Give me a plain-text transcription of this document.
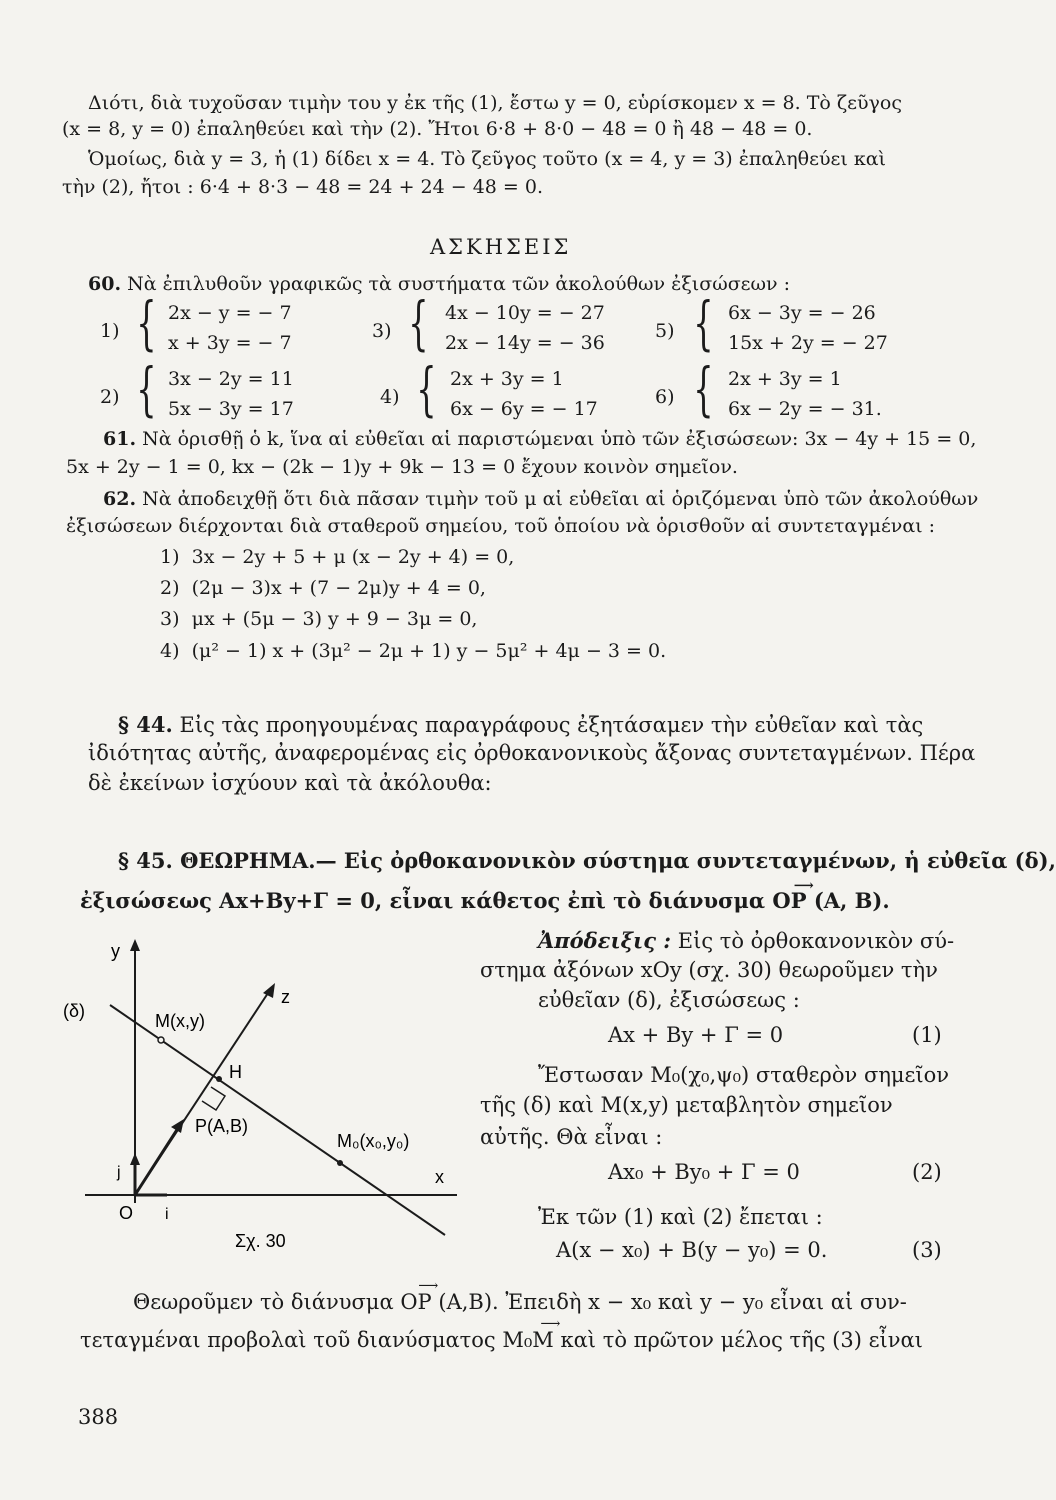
Διότι, διὰ τυχοῦσαν τιμὴν του y ἐκ τῆς (1), ἔστω y = 0, εὑρίσκομεν x = 8. Τὸ ζεῦγος
(x = 8, y = 0) ἐπαληθεύει καὶ τὴν (2). Ἤτοι 6·8 + 8·0 − 48 = 0 ἢ 48 − 48 = 0.
Ὁμοίως, διὰ y = 3, ἡ (1) δίδει x = 4. Τὸ ζεῦγος τοῦτο (x = 4, y = 3) ἐπαληθεύει καὶ
τὴν (2), ἤτοι : 6·4 + 8·3 − 48 = 24 + 24 − 48 = 0.
ΑΣΚΗΣΕΙΣ
60. Νὰ ἐπιλυθοῦν γραφικῶς τὰ συστήματα τῶν ἀκολούθων ἐξισώσεων :
1) { 2x − y = − 7
x + 3y = − 7
3) { 4x − 10y = − 27
2x − 14y = − 36
5) { 6x − 3y = − 26
15x + 2y = − 27
2) { 3x − 2y = 11
5x − 3y = 17
4) { 2x + 3y = 1
6x − 6y = − 17
6) { 2x + 3y = 1
6x − 2y = − 31.
61. Νὰ ὁρισθῇ ὁ k, ἵνα αἱ εὐθεῖαι αἱ παριστώμεναι ὑπὸ τῶν ἐξισώσεων: 3x − 4y + 15 = 0,
5x + 2y − 1 = 0, kx − (2k − 1)y + 9k − 13 = 0 ἔχουν κοινὸν σημεῖον.
62. Νὰ ἀποδειχθῇ ὅτι διὰ πᾶσαν τιμὴν τοῦ μ αἱ εὐθεῖαι αἱ ὁριζόμεναι ὑπὸ τῶν ἀκολούθων
ἐξισώσεων διέρχονται διὰ σταθεροῦ σημείου, τοῦ ὁποίου νὰ ὁρισθοῦν αἱ συντεταγμέναι :
1) 3x − 2y + 5 + μ (x − 2y + 4) = 0,
2) (2μ − 3)x + (7 − 2μ)y + 4 = 0,
3) μx + (5μ − 3) y + 9 − 3μ = 0,
4) (μ² − 1) x + (3μ² − 2μ + 1) y − 5μ² + 4μ − 3 = 0.
§ 44. Εἰς τὰς προηγουμένας παραγράφους ἐξητάσαμεν τὴν εὐθεῖαν καὶ τὰς
ἰδιότητας αὐτῆς, ἀναφερομένας εἰς ὀρθοκανονικοὺς ἄξονας συντεταγμένων. Πέρα
δὲ ἐκείνων ἰσχύουν καὶ τὰ ἀκόλουθα:
§ 45. ΘΕΩΡΗΜΑ.— Εἰς ὀρθοκανονικὸν σύστημα συντεταγμένων, ἡ εὐθεῖα (δ),
ἐξισώσεως Ax+By+Γ = 0, εἶναι κάθετος ἐπὶ τὸ διάνυσμα
⟶
OP (A, B).
Ἀπόδειξις : Εἰς τὸ ὀρθοκανονικὸν σύ-
στημα ἀξόνων xOy (σχ. 30) θεωροῦμεν τὴν
εὐθεῖαν (δ), ἐξισώσεως :
Ax + By + Γ = 0	(1)
Ἔστωσαν M₀(χ₀,ψ₀) σταθερὸν σημεῖον
τῆς (δ) καὶ M(x,y) μεταβλητὸν σημεῖον
αὐτῆς. Θὰ εἶναι :
Ax₀ + By₀ + Γ = 0	(2)
Ἐκ τῶν (1) καὶ (2) ἔπεται :
A(x − x₀) + B(y − y₀) = 0.	(3)
Θεωροῦμεν τὸ διάνυσμα
⟶
OP (A,B). Ἐπειδὴ x − x₀ καὶ y − y₀ εἶναι αἱ συν-
τεταγμέναι προβολαὶ τοῦ διανύσματος
⟶
M₀M καὶ τὸ πρῶτον μέλος τῆς (3) εἶναι
388
y
x
z
(δ)	M(x,y)
H
P(A,B)
M₀(x₀,y₀)
j
i
O
Σχ. 30
